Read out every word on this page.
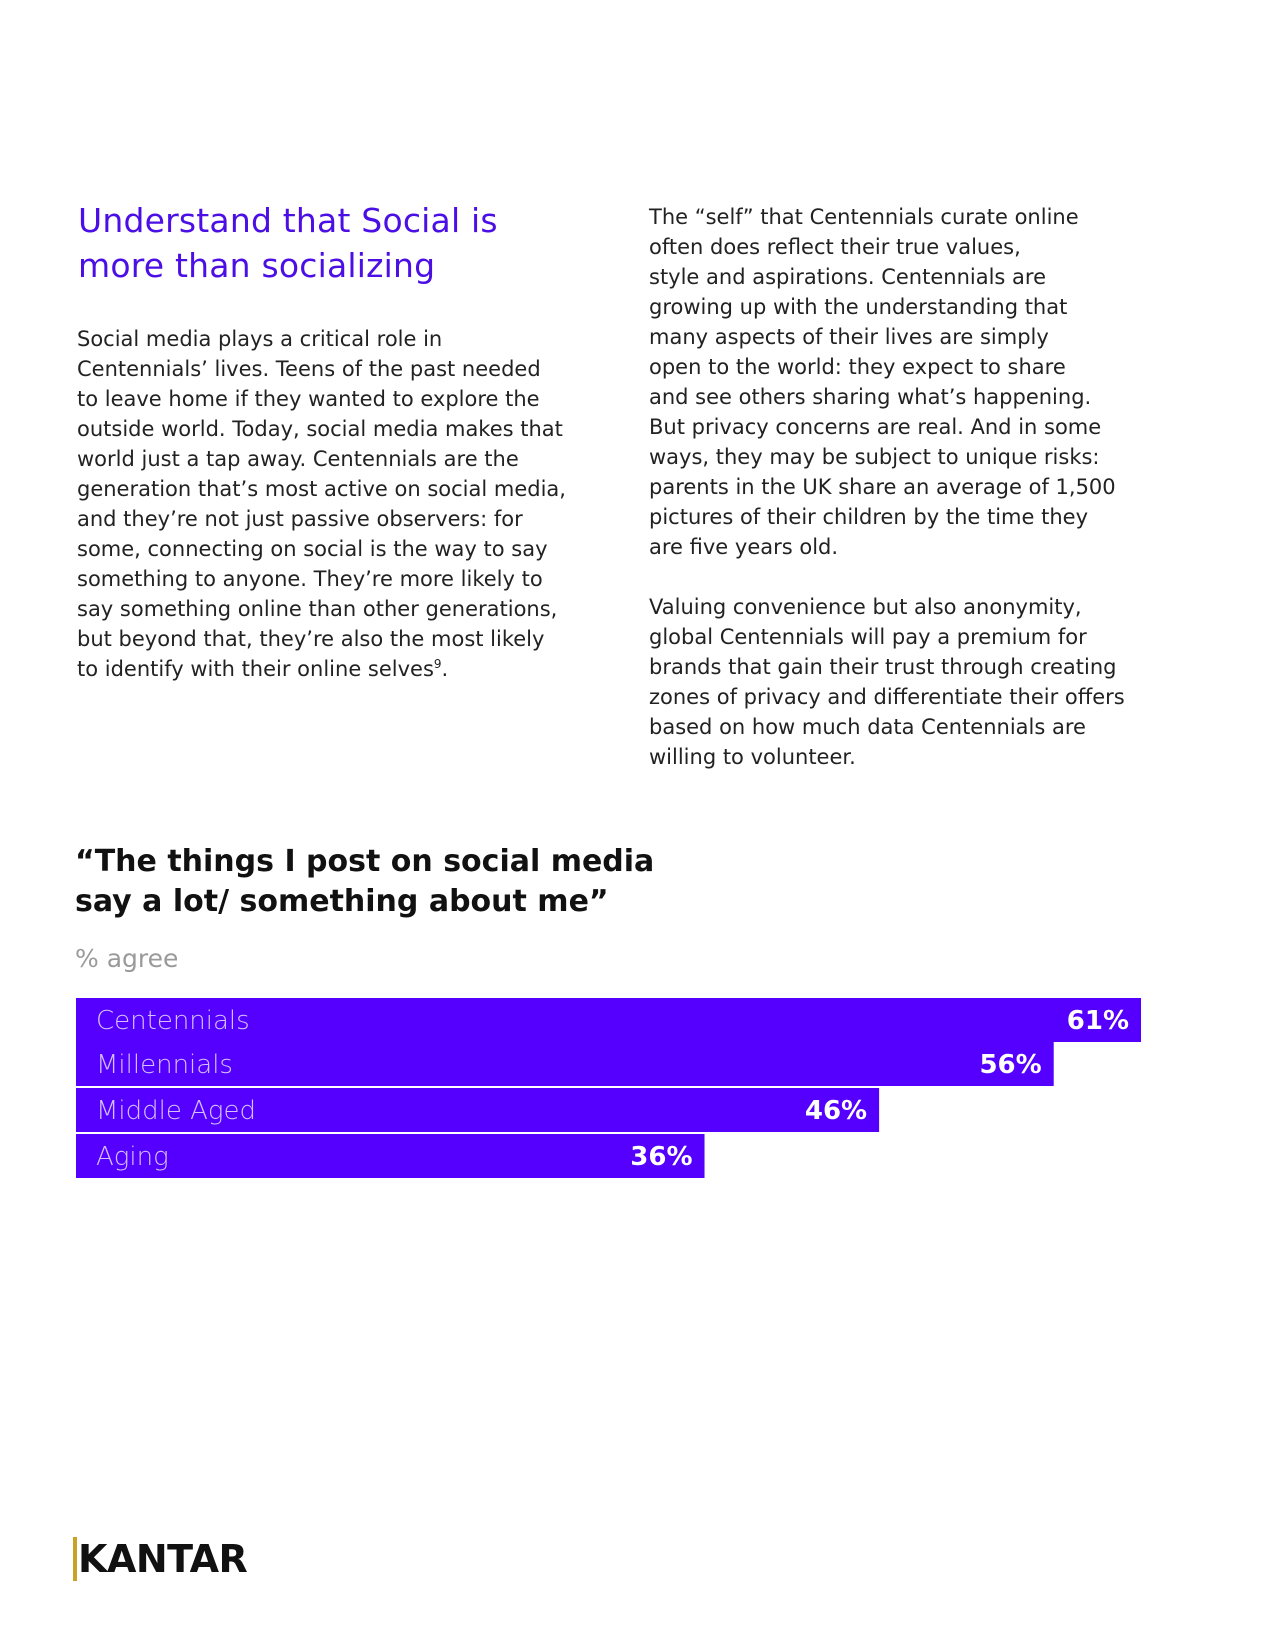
Understand that Social is
more than socializing
Social media plays a critical role in
Centennials’ lives. Teens of the past needed
to leave home if they wanted to explore the
outside world. Today, social media makes that
world just a tap away. Centennials are the
generation that’s most active on social media,
and they’re not just passive observers: for
some, connecting on social is the way to say
something to anyone. They’re more likely to
say something online than other generations,
but beyond that, they’re also the most likely
to identify with their online selves$^9$.
The “self” that Centennials curate online
often does reflect their true values,
style and aspirations. Centennials are
growing up with the understanding that
many aspects of their lives are simply
open to the world: they expect to share
and see others sharing what’s happening.
But privacy concerns are real. And in some
ways, they may be subject to unique risks:
parents in the UK share an average of 1,500
pictures of their children by the time they
are five years old.
Valuing convenience but also anonymity,
global Centennials will pay a premium for
brands that gain their trust through creating
zones of privacy and differentiate their offers
based on how much data Centennials are
willing to volunteer.
“The things I post on social media
say a lot/ something about me”
% agree
Centennials	61%
Millennials	56%
Middle Aged	46%
Aging	36%
KANTAR
